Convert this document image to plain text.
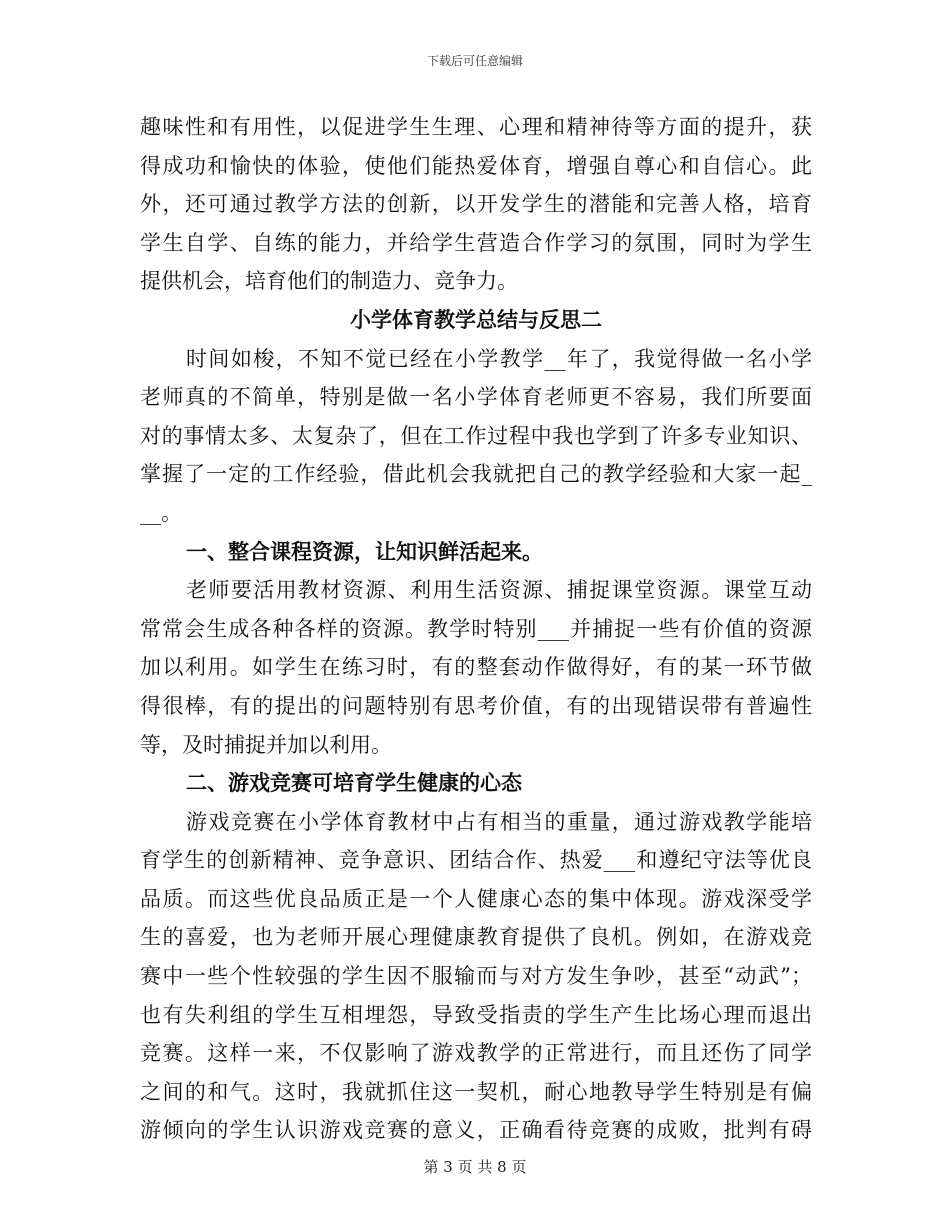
下载后可任意编辑
趣味性和有用性，以促进学生生理、心理和精神待等方面的提升，获
得成功和愉快的体验，使他们能热爱体育，增强自尊心和自信心。此
外，还可通过教学方法的创新，以开发学生的潜能和完善人格，培育
学生自学、自练的能力，并给学生营造合作学习的氛围，同时为学生
提供机会，培育他们的制造力、竞争力。
小学体育教学总结与反思二
时间如梭，不知不觉已经在小学教学__年了，我觉得做一名小学
老师真的不简单，特别是做一名小学体育老师更不容易，我们所要面
对的事情太多、太复杂了，但在工作过程中我也学到了许多专业知识、
掌握了一定的工作经验，借此机会我就把自己的教学经验和大家一起_
__。
一、整合课程资源，让知识鲜活起来。
老师要活用教材资源、利用生活资源、捕捉课堂资源。课堂互动
常常会生成各种各样的资源。教学时特别___并捕捉一些有价值的资源
加以利用。如学生在练习时，有的整套动作做得好，有的某一环节做
得很棒，有的提出的问题特别有思考价值，有的出现错误带有普遍性
等，及时捕捉并加以利用。
二、游戏竞赛可培育学生健康的心态
游戏竞赛在小学体育教材中占有相当的重量，通过游戏教学能培
育学生的创新精神、竞争意识、团结合作、热爱___和遵纪守法等优良
品质。而这些优良品质正是一个人健康心态的集中体现。游戏深受学
生的喜爱，也为老师开展心理健康教育提供了良机。例如，在游戏竞
赛中一些个性较强的学生因不服输而与对方发生争吵，甚至“动武”；
也有失利组的学生互相埋怨，导致受指责的学生产生比场心理而退出
竞赛。这样一来，不仅影响了游戏教学的正常进行，而且还伤了同学
之间的和气。这时，我就抓住这一契机，耐心地教导学生特别是有偏
游倾向的学生认识游戏竞赛的意义，正确看待竞赛的成败，批判有碍
第 3 页 共 8 页
